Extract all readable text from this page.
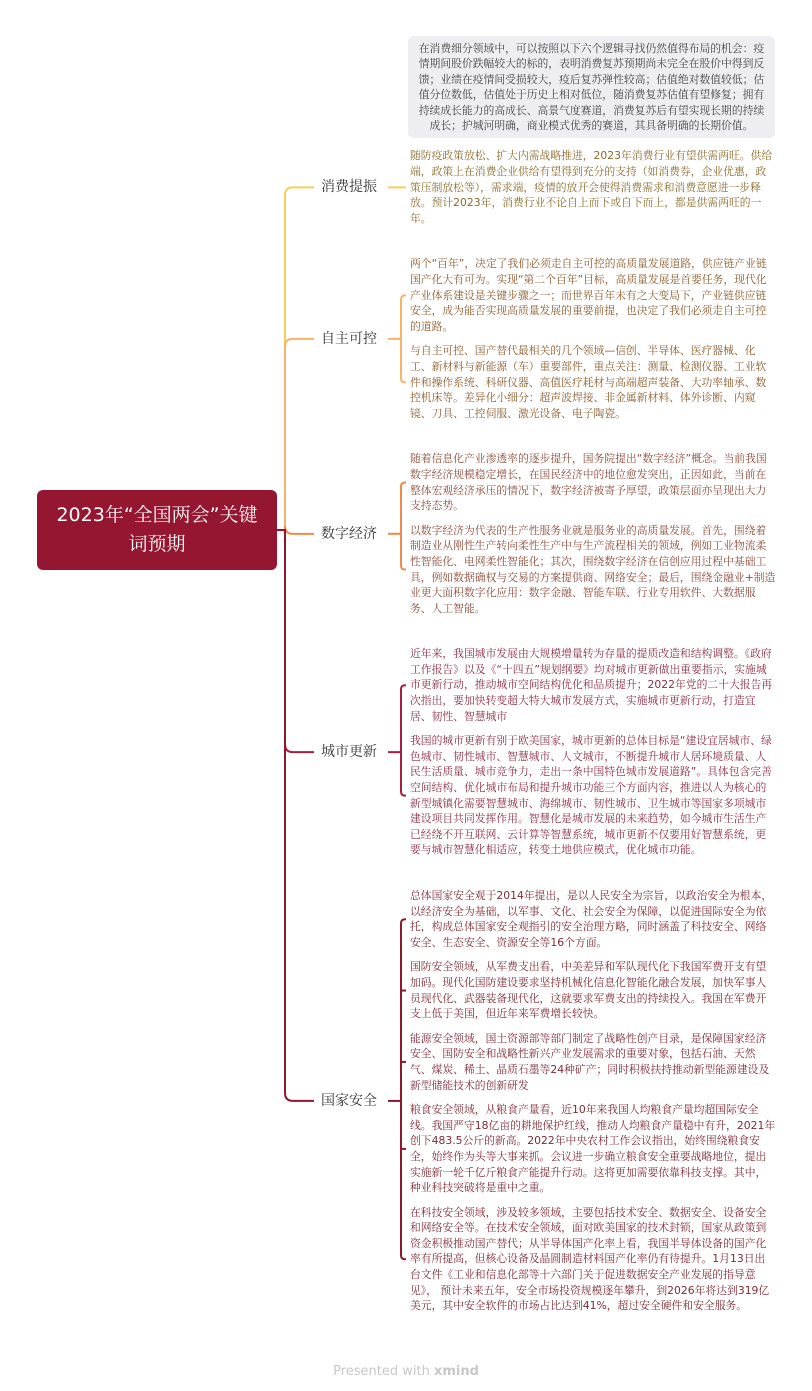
2023年“全国两会”关键词预期
在消费细分领域中，可以按照以下六个逻辑寻找仍然值得布局的机会：疫情期间股价跌幅较大的标的，表明消费复苏预期尚未完全在股价中得到反馈；业绩在疫情间受损较大，疫后复苏弹性较高；估值绝对数值较低；估值分位数低，估值处于历史上相对低位，随消费复苏估值有望修复；拥有持续成长能力的高成长、高景气度赛道，消费复苏后有望实现长期的持续成长；护城河明确，商业模式优秀的赛道，其具备明确的长期价值。
消费提振
随防疫政策放松、扩大内需战略推进，2023年消费行业有望供需两旺。供给端，政策上在消费企业供给有望得到充分的支持（如消费券，企业优惠，政策压制放松等），需求端，疫情的放开会使得消费需求和消费意愿进一步释放。预计2023年，消费行业不论自上而下或自下而上，都是供需两旺的一年。
自主可控
两个“百年”，决定了我们必须走自主可控的高质量发展道路，供应链产业链国产化大有可为。实现“第二个百年”目标，高质量发展是首要任务，现代化产业体系建设是关键步骤之一；而世界百年未有之大变局下，产业链供应链安全，成为能否实现高质量发展的重要前提，也决定了我们必须走自主可控的道路。
与自主可控、国产替代最相关的几个领域—信创、半导体、医疗器械、化工、新材料与新能源（车）重要部件，重点关注：测量、检测仪器、工业软件和操作系统、科研仪器、高值医疗耗材与高端超声装备、大功率轴承、数控机床等。差异化小细分：超声波焊接、非金属新材料、体外诊断、内窥镜、刀具、工控伺服、激光设备、电子陶瓷。
数字经济
随着信息化产业渗透率的逐步提升，国务院提出“数字经济”概念。当前我国数字经济规模稳定增长，在国民经济中的地位愈发突出，正因如此，当前在整体宏观经济承压的情况下，数字经济被寄予厚望，政策层面亦呈现出大力支持态势。
以数字经济为代表的生产性服务业就是服务业的高质量发展。首先，围绕着制造业从刚性生产转向柔性生产中与生产流程相关的领域，例如工业物流柔性智能化、电网柔性智能化；其次，围绕数字经济在信创应用过程中基础工具，例如数据确权与交易的方案提供商、网络安全；最后，围绕金融业+制造业更大面积数字化应用：数字金融、智能车联、行业专用软件、大数据服务、人工智能。
城市更新
近年来，我国城市发展由大规模增量转为存量的提质改造和结构调整。《政府工作报告》以及《“十四五”规划纲要》均对城市更新做出重要指示，实施城市更新行动，推动城市空间结构优化和品质提升；2022年党的二十大报告再次指出，要加快转变超大特大城市发展方式，实施城市更新行动，打造宜居、韧性、智慧城市
我国的城市更新有别于欧美国家，城市更新的总体目标是“建设宜居城市、绿色城市、韧性城市、智慧城市、人文城市，不断提升城市人居环境质量、人民生活质量、城市竞争力，走出一条中国特色城市发展道路”。具体包含完善空间结构、优化城市布局和提升城市功能三个方面内容，推进以人为核心的新型城镇化需要智慧城市、海绵城市、韧性城市、卫生城市等国家多项城市建设项目共同发挥作用。智慧化是城市发展的未来趋势，如今城市生活生产已经绕不开互联网、云计算等智慧系统，城市更新不仅要用好智慧系统，更要与城市智慧化相适应，转变土地供应模式，优化城市功能。
国家安全
总体国家安全观于2014年提出，是以人民安全为宗旨，以政治安全为根本，以经济安全为基础，以军事、文化、社会安全为保障，以促进国际安全为依托，构成总体国家安全观指引的安全治理方略，同时涵盖了科技安全、网络安全、生态安全、资源安全等16个方面。
国防安全领域，从军费支出看，中美差异和军队现代化下我国军费开支有望加码。现代化国防建设要求坚持机械化信息化智能化融合发展，加快军事人员现代化、武器装备现代化，这就要求军费支出的持续投入。我国在军费开支上低于美国，但近年来军费增长较快。
能源安全领域，国土资源部等部门制定了战略性创产目录，是保障国家经济安全、国防安全和战略性新兴产业发展需求的重要对象，包括石油、天然气、煤炭、稀土、晶质石墨等24种矿产；同时积极扶持推动新型能源建设及新型储能技术的创新研发
粮食安全领域，从粮食产量看，近10年来我国人均粮食产量均超国际安全线。我国严守18亿亩的耕地保护红线，推动人均粮食产量稳中有升，2021年创下483.5公斤的新高。2022年中央农村工作会议指出，始终围绕粮食安全，始终作为头等大事来抓。会议进一步确立粮食安全重要战略地位，提出实施新一轮千亿斤粮食产能提升行动。这将更加需要依靠科技支撑。其中，种业科技突破将是重中之重。
在科技安全领域，涉及较多领域，主要包括技术安全、数据安全、设备安全和网络安全等。在技术安全领域，面对欧美国家的技术封锁，国家从政策到资金积极推动国产替代；从半导体国产化率上看，我国半导体设备的国产化率有所提高，但核心设备及晶圆制造材料国产化率仍有待提升。1月13日出台文件《工业和信息化部等十六部门关于促进数据安全产业发展的指导意见》， 预计未来五年，安全市场投资规模逐年攀升，到2026年将达到319亿美元，其中安全软件的市场占比达到41%，超过安全硬件和安全服务。
Presented with xmind
